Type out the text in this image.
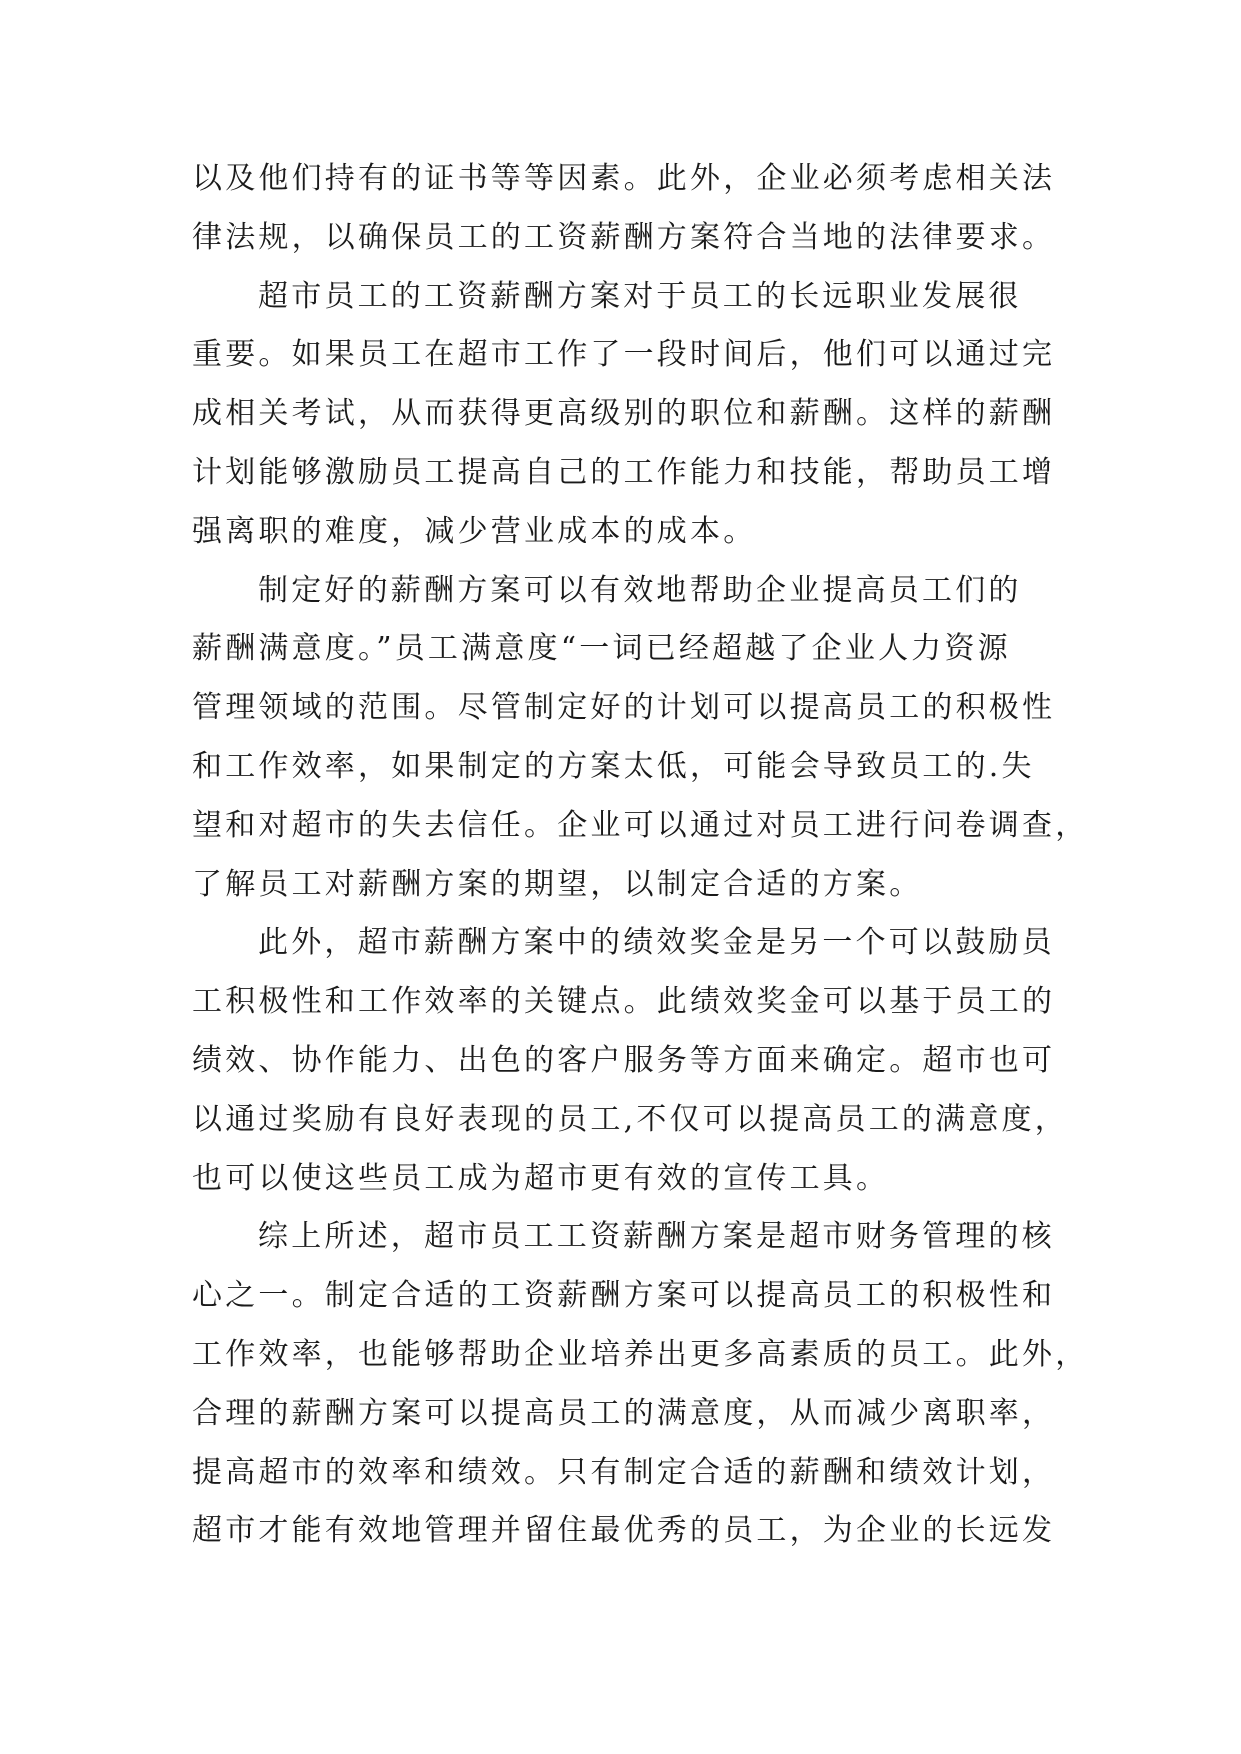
以及他们持有的证书等等因素。此外，企业必须考虑相关法
律法规，以确保员工的工资薪酬方案符合当地的法律要求。
超市员工的工资薪酬方案对于员工的长远职业发展很
重要。如果员工在超市工作了一段时间后，他们可以通过完
成相关考试，从而获得更高级别的职位和薪酬。这样的薪酬
计划能够激励员工提高自己的工作能力和技能，帮助员工增
强离职的难度，减少营业成本的成本。
制定好的薪酬方案可以有效地帮助企业提高员工们的
薪酬满意度。”员工满意度“一词已经超越了企业人力资源
管理领域的范围。尽管制定好的计划可以提高员工的积极性
和工作效率，如果制定的方案太低，可能会导致员工的.失
望和对超市的失去信任。企业可以通过对员工进行问卷调查，
了解员工对薪酬方案的期望，以制定合适的方案。
此外，超市薪酬方案中的绩效奖金是另一个可以鼓励员
工积极性和工作效率的关键点。此绩效奖金可以基于员工的
绩效、协作能力、出色的客户服务等方面来确定。超市也可
以通过奖励有良好表现的员工,不仅可以提高员工的满意度，
也可以使这些员工成为超市更有效的宣传工具。
综上所述，超市员工工资薪酬方案是超市财务管理的核
心之一。制定合适的工资薪酬方案可以提高员工的积极性和
工作效率，也能够帮助企业培养出更多高素质的员工。此外，
合理的薪酬方案可以提高员工的满意度，从而减少离职率，
提高超市的效率和绩效。只有制定合适的薪酬和绩效计划，
超市才能有效地管理并留住最优秀的员工，为企业的长远发
